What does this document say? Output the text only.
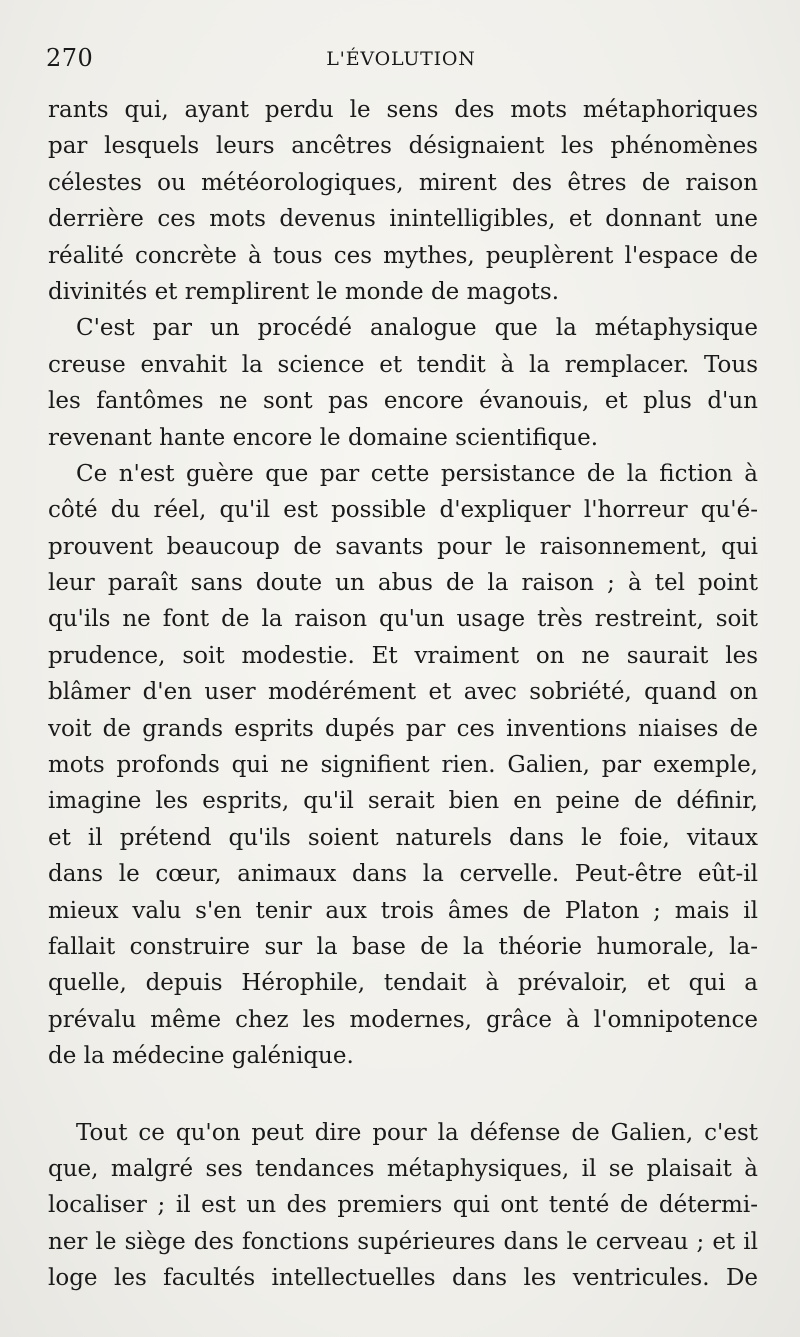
270	L'ÉVOLUTION
rants qui, ayant perdu le sens des mots métaphoriques
par lesquels leurs ancêtres désignaient les phénomènes
célestes ou météorologiques, mirent des êtres de raison
derrière ces mots devenus inintelligibles, et donnant une
réalité concrète à tous ces mythes, peuplèrent l'espace de
divinités et remplirent le monde de magots.
C'est par un procédé analogue que la métaphysique
creuse envahit la science et tendit à la remplacer. Tous
les fantômes ne sont pas encore évanouis, et plus d'un
revenant hante encore le domaine scientifique.
Ce n'est guère que par cette persistance de la fiction à
côté du réel, qu'il est possible d'expliquer l'horreur qu'é-
prouvent beaucoup de savants pour le raisonnement, qui
leur paraît sans doute un abus de la raison ; à tel point
qu'ils ne font de la raison qu'un usage très restreint, soit
prudence, soit modestie. Et vraiment on ne saurait les
blâmer d'en user modérément et avec sobriété, quand on
voit de grands esprits dupés par ces inventions niaises de
mots profonds qui ne signifient rien. Galien, par exemple,
imagine les esprits, qu'il serait bien en peine de définir,
et il prétend qu'ils soient naturels dans le foie, vitaux
dans le cœur, animaux dans la cervelle. Peut-être eût-il
mieux valu s'en tenir aux trois âmes de Platon ; mais il
fallait construire sur la base de la théorie humorale, la-
quelle, depuis Hérophile, tendait à prévaloir, et qui a
prévalu même chez les modernes, grâce à l'omnipotence
de la médecine galénique.
Tout ce qu'on peut dire pour la défense de Galien, c'est
que, malgré ses tendances métaphysiques, il se plaisait à
localiser ; il est un des premiers qui ont tenté de détermi-
ner le siège des fonctions supérieures dans le cerveau ; et il
loge les facultés intellectuelles dans les ventricules. De
